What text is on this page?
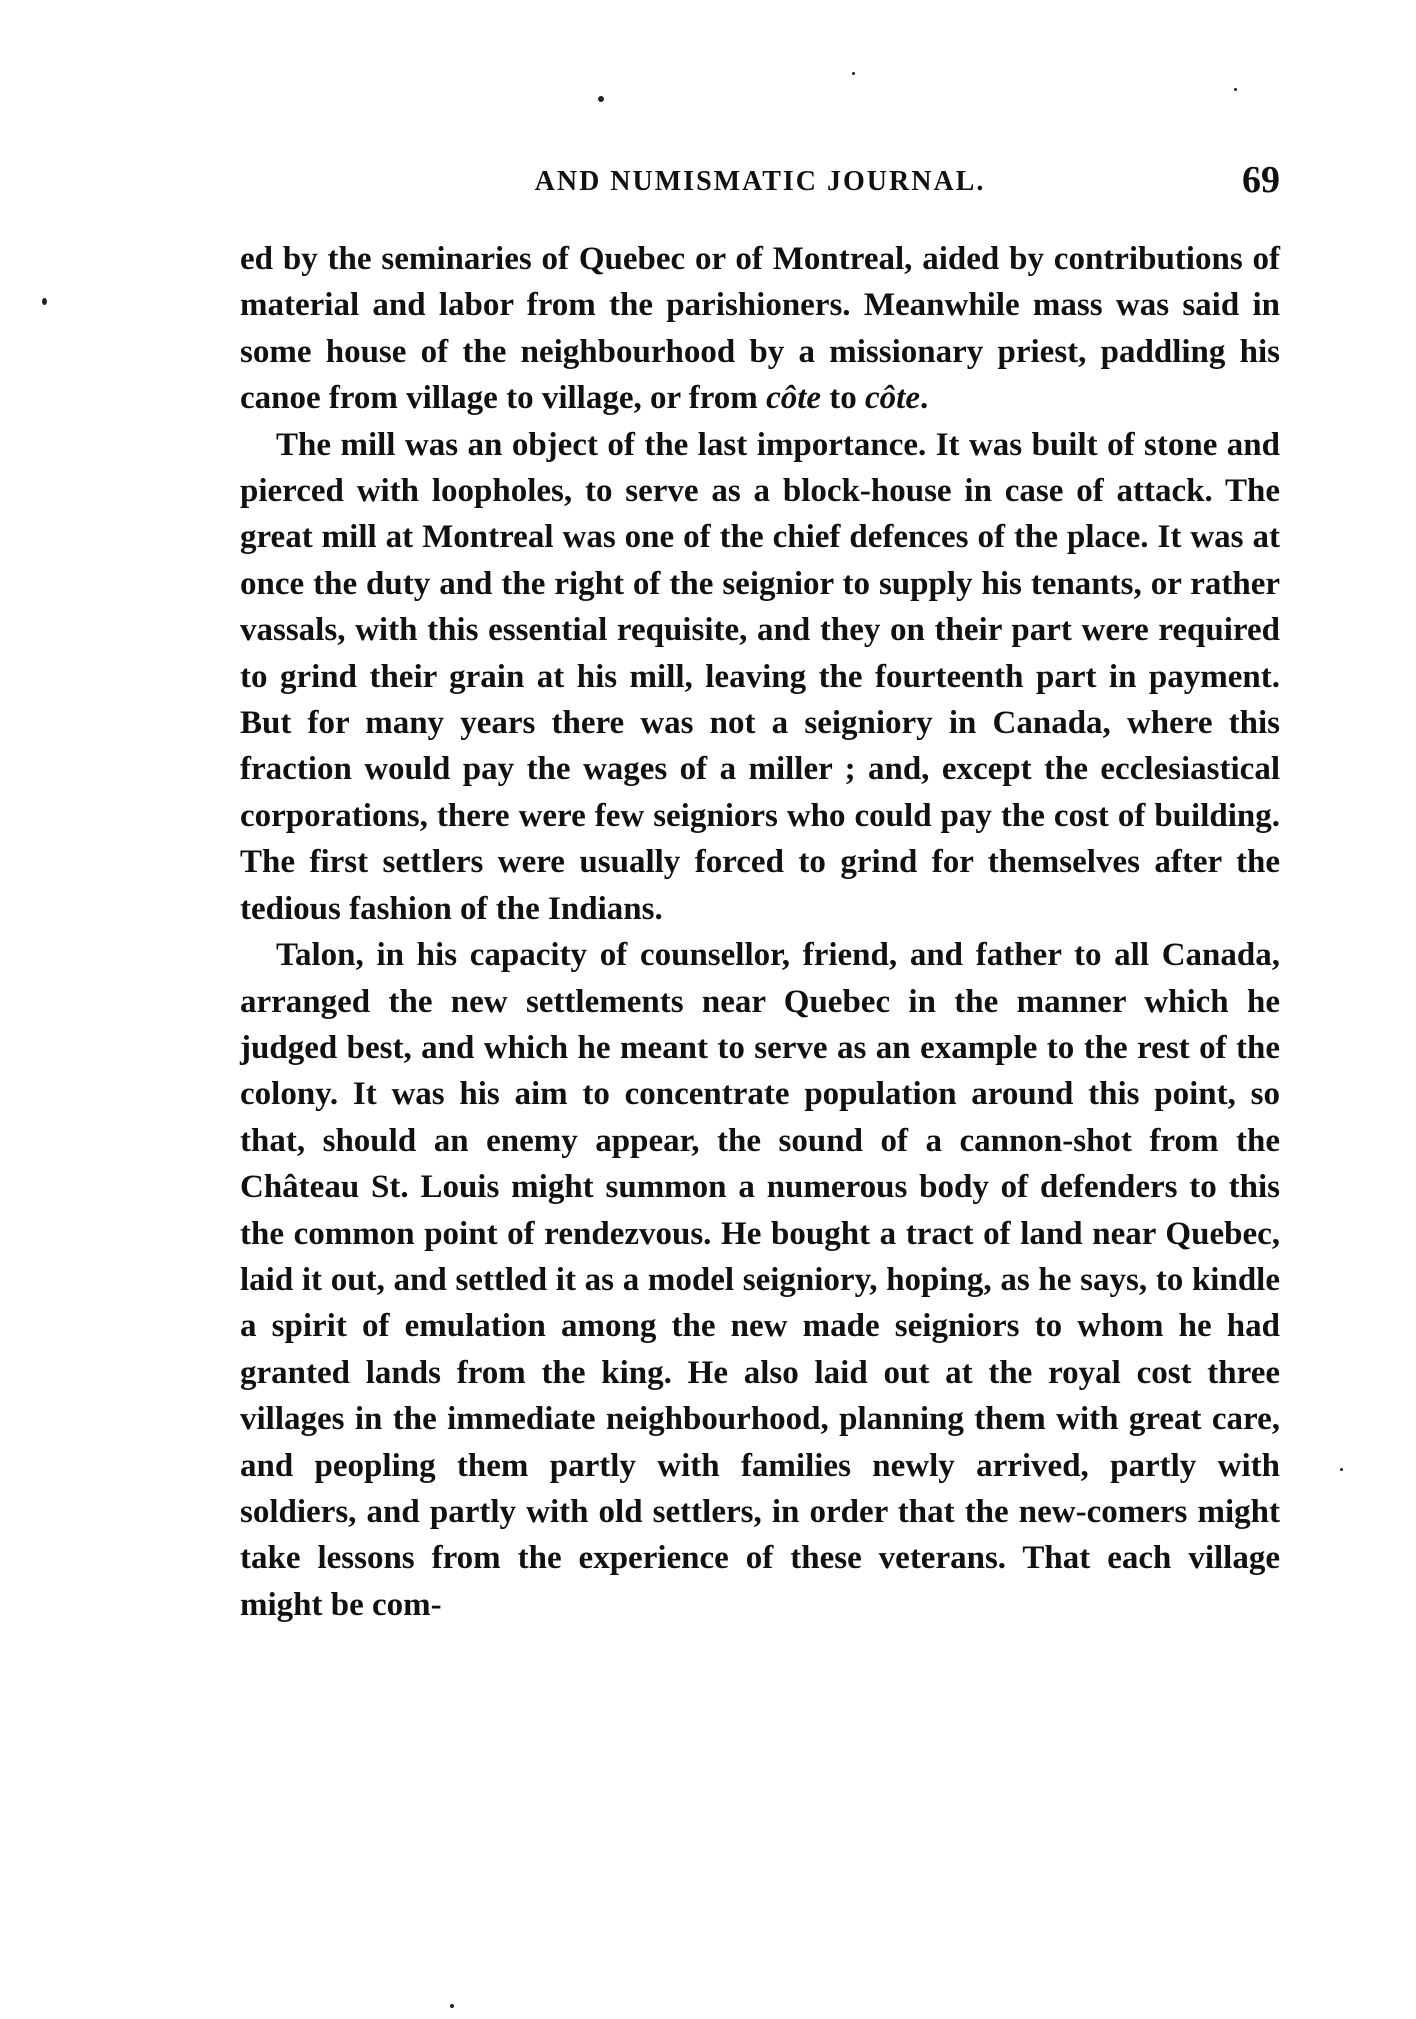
AND NUMISMATIC JOURNAL.	69

ed by the seminaries of Quebec or of Montreal, aided by contributions of material and labor from the parishioners. Meanwhile mass was said in some house of the neighbourhood by a missionary priest, paddling his canoe from village to village, or from côte to côte.

The mill was an object of the last importance. It was built of stone and pierced with loopholes, to serve as a block-house in case of attack. The great mill at Montreal was one of the chief defences of the place. It was at once the duty and the right of the seignior to supply his tenants, or rather vassals, with this essential requisite, and they on their part were required to grind their grain at his mill, leaving the fourteenth part in payment. But for many years there was not a seigniory in Canada, where this fraction would pay the wages of a miller ; and, except the ecclesiastical corporations, there were few seigniors who could pay the cost of building. The first settlers were usually forced to grind for themselves after the tedious fashion of the Indians.

Talon, in his capacity of counsellor, friend, and father to all Canada, arranged the new settlements near Quebec in the manner which he judged best, and which he meant to serve as an example to the rest of the colony. It was his aim to concentrate population around this point, so that, should an enemy appear, the sound of a cannon-shot from the Château St. Louis might summon a numerous body of defenders to this the common point of rendezvous. He bought a tract of land near Quebec, laid it out, and settled it as a model seigniory, hoping, as he says, to kindle a spirit of emulation among the new made seigniors to whom he had granted lands from the king. He also laid out at the royal cost three villages in the immediate neighbourhood, planning them with great care, and peopling them partly with families newly arrived, partly with soldiers, and partly with old settlers, in order that the new-comers might take lessons from the experience of these veterans. That each village might be com-
